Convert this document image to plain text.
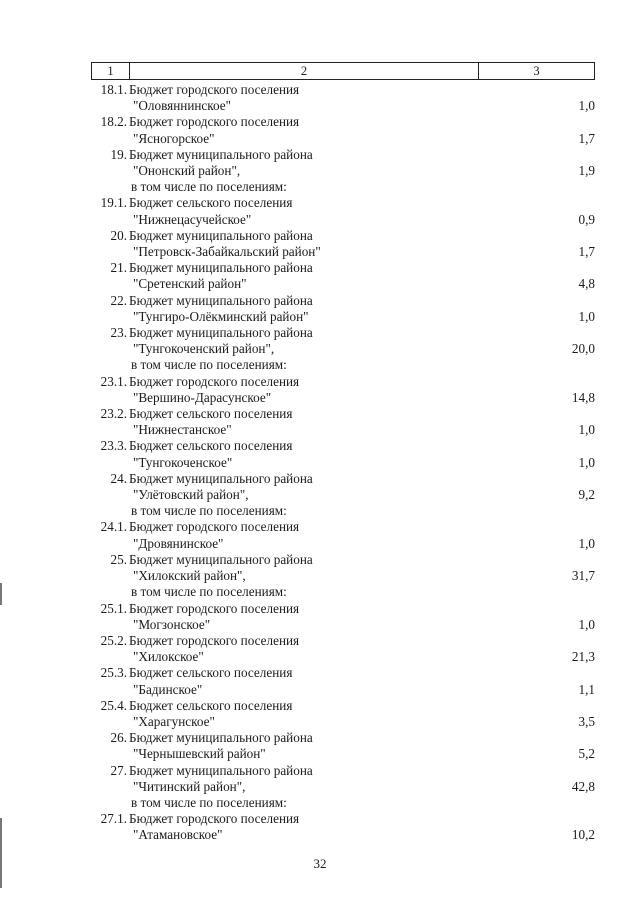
1	2	3
18.1. Бюджет городского поселения
"Оловяннинское"	1,0
18.2. Бюджет городского поселения
"Ясногорское"	1,7
19. Бюджет муниципального района
"Ононский район",	1,9
в том числе по поселениям:
19.1. Бюджет сельского поселения
"Нижнецасучейское"	0,9
20. Бюджет муниципального района
"Петровск-Забайкальский район"	1,7
21. Бюджет муниципального района
"Сретенский район"	4,8
22. Бюджет муниципального района
"Тунгиро-Олёкминский район"	1,0
23. Бюджет муниципального района
"Тунгокоченский район",	20,0
в том числе по поселениям:
23.1. Бюджет городского поселения
"Вершино-Дарасунское"	14,8
23.2. Бюджет сельского поселения
"Нижнестанское"	1,0
23.3. Бюджет сельского поселения
"Тунгокоченское"	1,0
24. Бюджет муниципального района
"Улётовский район",	9,2
в том числе по поселениям:
24.1. Бюджет городского поселения
"Дровянинское"	1,0
25. Бюджет муниципального района
"Хилокский район",	31,7
в том числе по поселениям:
25.1. Бюджет городского поселения
"Могзонское"	1,0
25.2. Бюджет городского поселения
"Хилокское"	21,3
25.3. Бюджет сельского поселения
"Бадинское"	1,1
25.4. Бюджет сельского поселения
"Харагунское"	3,5
26. Бюджет муниципального района
"Чернышевский район"	5,2
27. Бюджет муниципального района
"Читинский район",	42,8
в том числе по поселениям:
27.1. Бюджет городского поселения
"Атамановское"	10,2
32
